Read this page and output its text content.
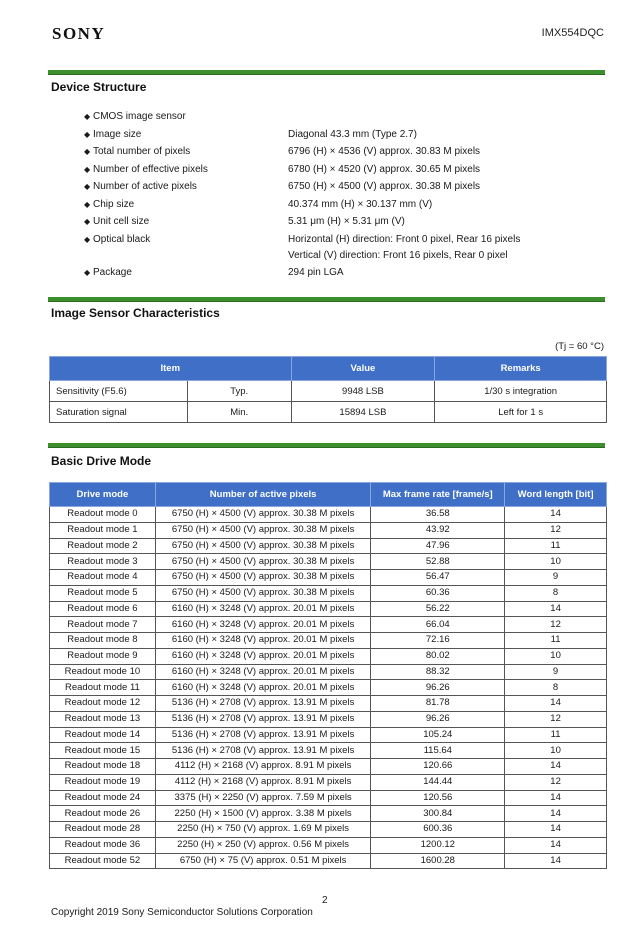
SONY	IMX554DQC
Device Structure
◆ CMOS image sensor
◆ Image size	Diagonal 43.3 mm (Type 2.7)
◆ Total number of pixels	6796 (H) × 4536 (V) approx. 30.83 M pixels
◆ Number of effective pixels	6780 (H) × 4520 (V) approx. 30.65 M pixels
◆ Number of active pixels	6750 (H) × 4500 (V) approx. 30.38 M pixels
◆ Chip size	40.374 mm (H) × 30.137 mm (V)
◆ Unit cell size	5.31 μm (H) × 5.31 μm (V)
◆ Optical black	Horizontal (H) direction: Front 0 pixel, Rear 16 pixels
Vertical (V) direction: Front 16 pixels, Rear 0 pixel
◆ Package	294 pin LGA
Image Sensor Characteristics
(Tj = 60 °C)
Item		Value	Remarks
Sensitivity (F5.6)	Typ.	9948 LSB	1/30 s integration
Saturation signal	Min.	15894 LSB	Left for 1 s
Basic Drive Mode
Drive mode	Number of active pixels	Max frame rate [frame/s]	Word length [bit]
Readout mode 0	6750 (H) × 4500 (V) approx. 30.38 M pixels	36.58	14
Readout mode 1	6750 (H) × 4500 (V) approx. 30.38 M pixels	43.92	12
Readout mode 2	6750 (H) × 4500 (V) approx. 30.38 M pixels	47.96	11
Readout mode 3	6750 (H) × 4500 (V) approx. 30.38 M pixels	52.88	10
Readout mode 4	6750 (H) × 4500 (V) approx. 30.38 M pixels	56.47	9
Readout mode 5	6750 (H) × 4500 (V) approx. 30.38 M pixels	60.36	8
Readout mode 6	6160 (H) × 3248 (V) approx. 20.01 M pixels	56.22	14
Readout mode 7	6160 (H) × 3248 (V) approx. 20.01 M pixels	66.04	12
Readout mode 8	6160 (H) × 3248 (V) approx. 20.01 M pixels	72.16	11
Readout mode 9	6160 (H) × 3248 (V) approx. 20.01 M pixels	80.02	10
Readout mode 10	6160 (H) × 3248 (V) approx. 20.01 M pixels	88.32	9
Readout mode 11	6160 (H) × 3248 (V) approx. 20.01 M pixels	96.26	8
Readout mode 12	5136 (H) × 2708 (V) approx. 13.91 M pixels	81.78	14
Readout mode 13	5136 (H) × 2708 (V) approx. 13.91 M pixels	96.26	12
Readout mode 14	5136 (H) × 2708 (V) approx. 13.91 M pixels	105.24	11
Readout mode 15	5136 (H) × 2708 (V) approx. 13.91 M pixels	115.64	10
Readout mode 18	4112 (H) × 2168 (V) approx. 8.91 M pixels	120.66	14
Readout mode 19	4112 (H) × 2168 (V) approx. 8.91 M pixels	144.44	12
Readout mode 24	3375 (H) × 2250 (V) approx. 7.59 M pixels	120.56	14
Readout mode 26	2250 (H) × 1500 (V) approx. 3.38 M pixels	300.84	14
Readout mode 28	2250 (H) × 750 (V) approx. 1.69 M pixels	600.36	14
Readout mode 36	2250 (H) × 250 (V) approx. 0.56 M pixels	1200.12	14
Readout mode 52	6750 (H) × 75 (V) approx. 0.51 M pixels	1600.28	14
2
Copyright 2019 Sony Semiconductor Solutions Corporation
